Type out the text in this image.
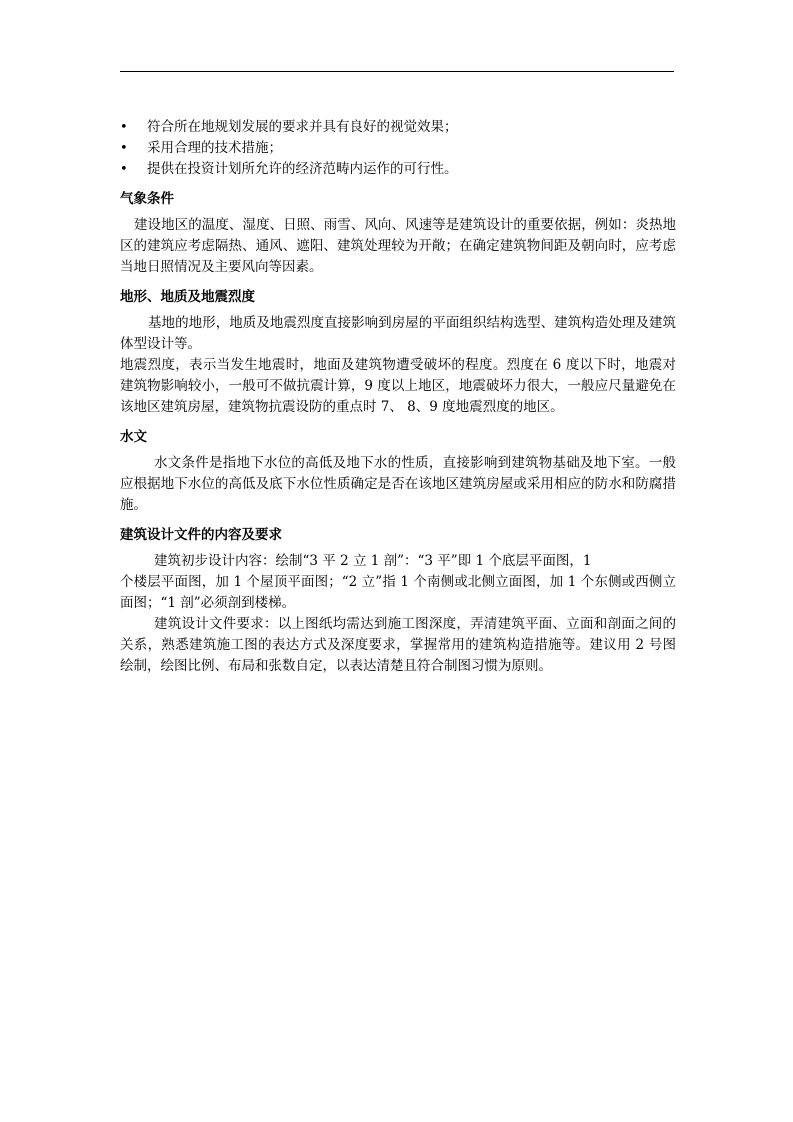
• 符合所在地规划发展的要求并具有良好的视觉效果；
• 采用合理的技术措施；
• 提供在投资计划所允许的经济范畴内运作的可行性。
气象条件

建设地区的温度、湿度、日照、雨雪、风向、风速等是建筑设计的重要依据，例如：炎热地区的建筑应考虑隔热、通风、遮阳、建筑处理较为开敞；在确定建筑物间距及朝向时，应考虑当地日照情况及主要风向等因素。

地形、地质及地震烈度

基地的地形，地质及地震烈度直接影响到房屋的平面组织结构选型、建筑构造处理及建筑体型设计等。

地震烈度，表示当发生地震时，地面及建筑物遭受破坏的程度。烈度在 6 度以下时，地震对建筑物影响较小，一般可不做抗震计算，9 度以上地区，地震破坏力很大，一般应尺量避免在该地区建筑房屋，建筑物抗震设防的重点时 7、 8、9 度地震烈度的地区。

水文

水文条件是指地下水位的高低及地下水的性质，直接影响到建筑物基础及地下室。一般应根据地下水位的高低及底下水位性质确定是否在该地区建筑房屋或采用相应的防水和防腐措施。

建筑设计文件的内容及要求

建筑初步设计内容：绘制“3 平 2 立 1 剖”：“3 平”即 1 个底层平面图，1

个楼层平面图，加 1 个屋顶平面图；“2 立”指 1 个南侧或北侧立面图，加 1 个东侧或西侧立面图；“1 剖”必须剖到楼梯。

建筑设计文件要求：以上图纸均需达到施工图深度，弄清建筑平面、立面和剖面之间的关系，熟悉建筑施工图的表达方式及深度要求，掌握常用的建筑构造措施等。建议用 2 号图绘制，绘图比例、布局和张数自定，以表达清楚且符合制图习惯为原则。
